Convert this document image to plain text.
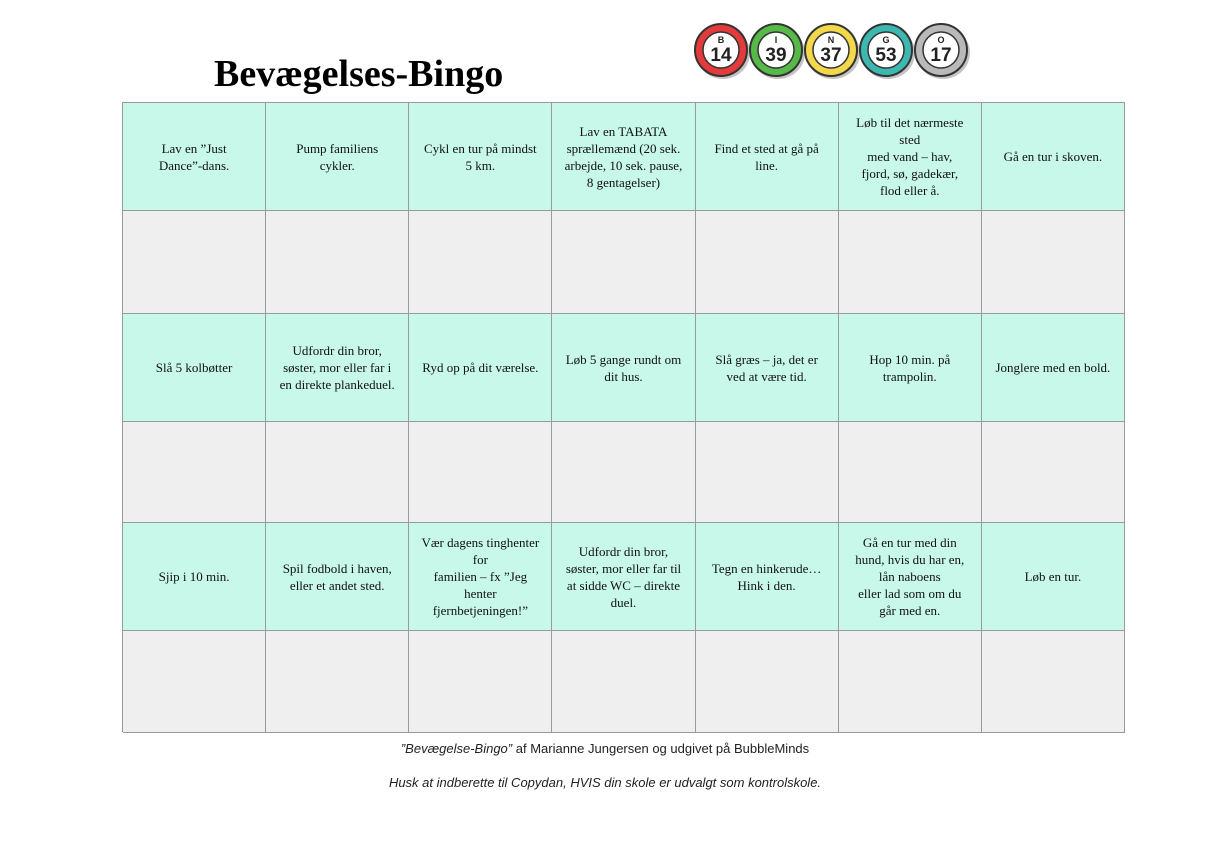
Bevægelses-Bingo
B
14
I
39
N
37
G
53
O
17
Lav en ”Just
Dance”-dans.
Pump familiens
cykler.
Cykl en tur på mindst
5 km.
Lav en TABATA
sprællemænd (20 sek.
arbejde, 10 sek. pause,
8 gentagelser)
Find et sted at gå på
line.
Løb til det nærmeste
sted
med vand – hav,
fjord, sø, gadekær,
flod eller å.
Gå en tur i skoven.
Slå 5 kolbøtter
Udfordr din bror,
søster, mor eller far i
en direkte plankeduel.
Ryd op på dit værelse.
Løb 5 gange rundt om
dit hus.
Slå græs – ja, det er
ved at være tid.
Hop 10 min. på
trampolin.
Jonglere med en bold.
Sjip i 10 min.
Spil fodbold i haven,
eller et andet sted.
Vær dagens tinghenter
for
familien – fx ”Jeg
henter
fjernbetjeningen!”
Udfordr din bror,
søster, mor eller far til
at sidde WC – direkte
duel.
Tegn en hinkerude…
Hink i den.
Gå en tur med din
hund, hvis du har en,
lån naboens
eller lad som om du
går med en.
Løb en tur.
”Bevægelse-Bingo” af Marianne Jungersen og udgivet på BubbleMinds
Husk at indberette til Copydan, HVIS din skole er udvalgt som kontrolskole.
